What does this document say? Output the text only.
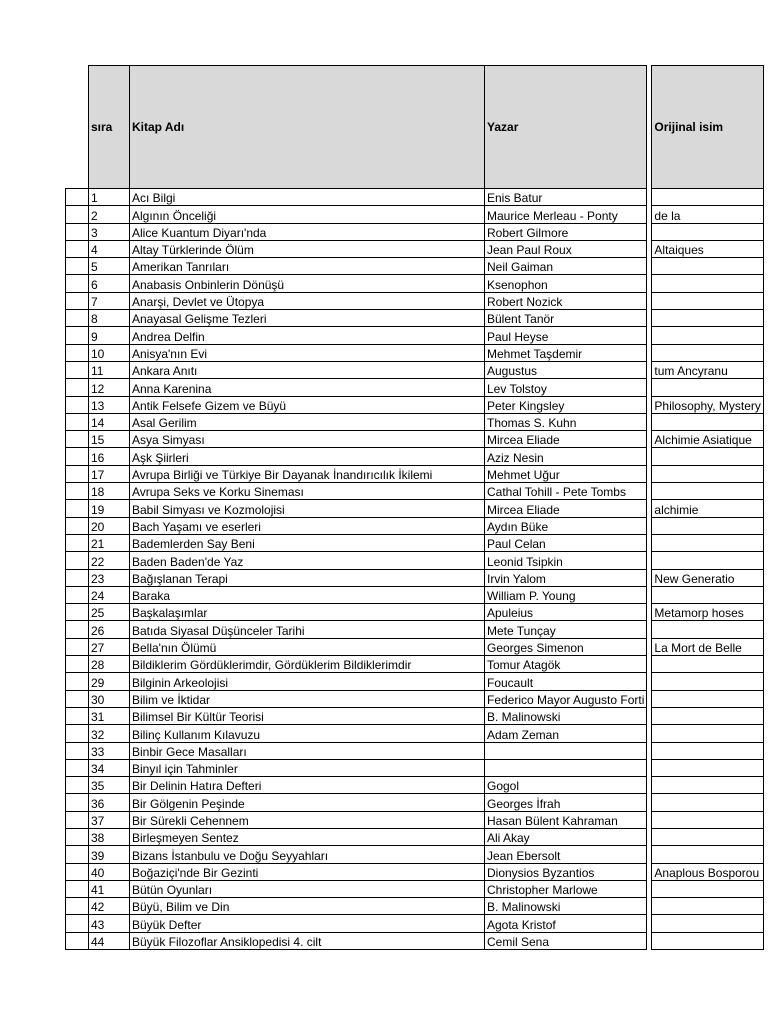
	sıra	Kitap Adı	Yazar		Orijinal isim
	1	Acı Bilgi	Enis Batur		
	2	Algının Önceliği	Maurice Merleau - Ponty		de la
	3	Alice Kuantum Diyarı'nda	Robert Gilmore		
	4	Altay Türklerinde Ölüm	Jean Paul Roux		Altaiques
	5	Amerikan Tanrıları	Neil Gaiman		
	6	Anabasis Onbinlerin Dönüşü	Ksenophon		
	7	Anarşi, Devlet ve Ütopya	Robert Nozick		
	8	Anayasal Gelişme Tezleri	Bülent Tanör		
	9	Andrea Delfin	Paul Heyse		
	10	Anisya'nın Evi	Mehmet Taşdemir		
	11	Ankara Anıtı	Augustus		tum Ancyranu
	12	Anna Karenina	Lev Tolstoy		
	13	Antik Felsefe Gizem ve Büyü	Peter Kingsley		Philosophy, Mystery
	14	Asal Gerilim	Thomas S. Kuhn		
	15	Asya Simyası	Mircea Eliade		Alchimie Asiatique
	16	Aşk Şiirleri	Aziz Nesin		
	17	Avrupa Birliği ve Türkiye Bir Dayanak İnandırıcılık İkilemi	Mehmet Uğur		
	18	Avrupa Seks ve Korku Sineması	Cathal Tohill - Pete Tombs		
	19	Babil Simyası ve Kozmolojisi	Mircea Eliade		alchimie
	20	Bach Yaşamı ve eserleri	Aydın Büke		
	21	Bademlerden Say Beni	Paul Celan		
	22	Baden Baden'de Yaz	Leonid Tsipkin		
	23	Bağışlanan Terapi	Irvin Yalom		New Generatio
	24	Baraka	William P. Young		
	25	Başkalaşımlar	Apuleius		Metamorp hoses
	26	Batıda Siyasal Düşünceler Tarihi	Mete Tunçay		
	27	Bella'nın Ölümü	Georges Simenon		La Mort de Belle
	28	Bildiklerim Gördüklerimdir, Gördüklerim Bildiklerimdir	Tomur Atagök		
	29	Bilginin Arkeolojisi	Foucault		
	30	Bilim ve İktidar	Federico Mayor Augusto Forti		
	31	Bilimsel Bir Kültür Teorisi	B. Malinowski		
	32	Bilinç Kullanım Kılavuzu	Adam Zeman		
	33	Binbir Gece Masalları			
	34	Binyıl için Tahminler			
	35	Bir Delinin Hatıra Defteri	Gogol		
	36	Bir Gölgenin Peşinde	Georges İfrah		
	37	Bir Sürekli Cehennem	Hasan Bülent Kahraman		
	38	Birleşmeyen Sentez	Ali Akay		
	39	Bizans İstanbulu ve Doğu Seyyahları	Jean Ebersolt		
	40	Boğaziçi'nde Bir Gezinti	Dionysios Byzantios		Anaplous Bosporou
	41	Bütün Oyunları	Christopher Marlowe		
	42	Büyü, Bilim ve Din	B. Malinowski		
	43	Büyük Defter	Agota Kristof		
	44	Büyük Filozoflar Ansiklopedisi 4. cilt	Cemil Sena		
